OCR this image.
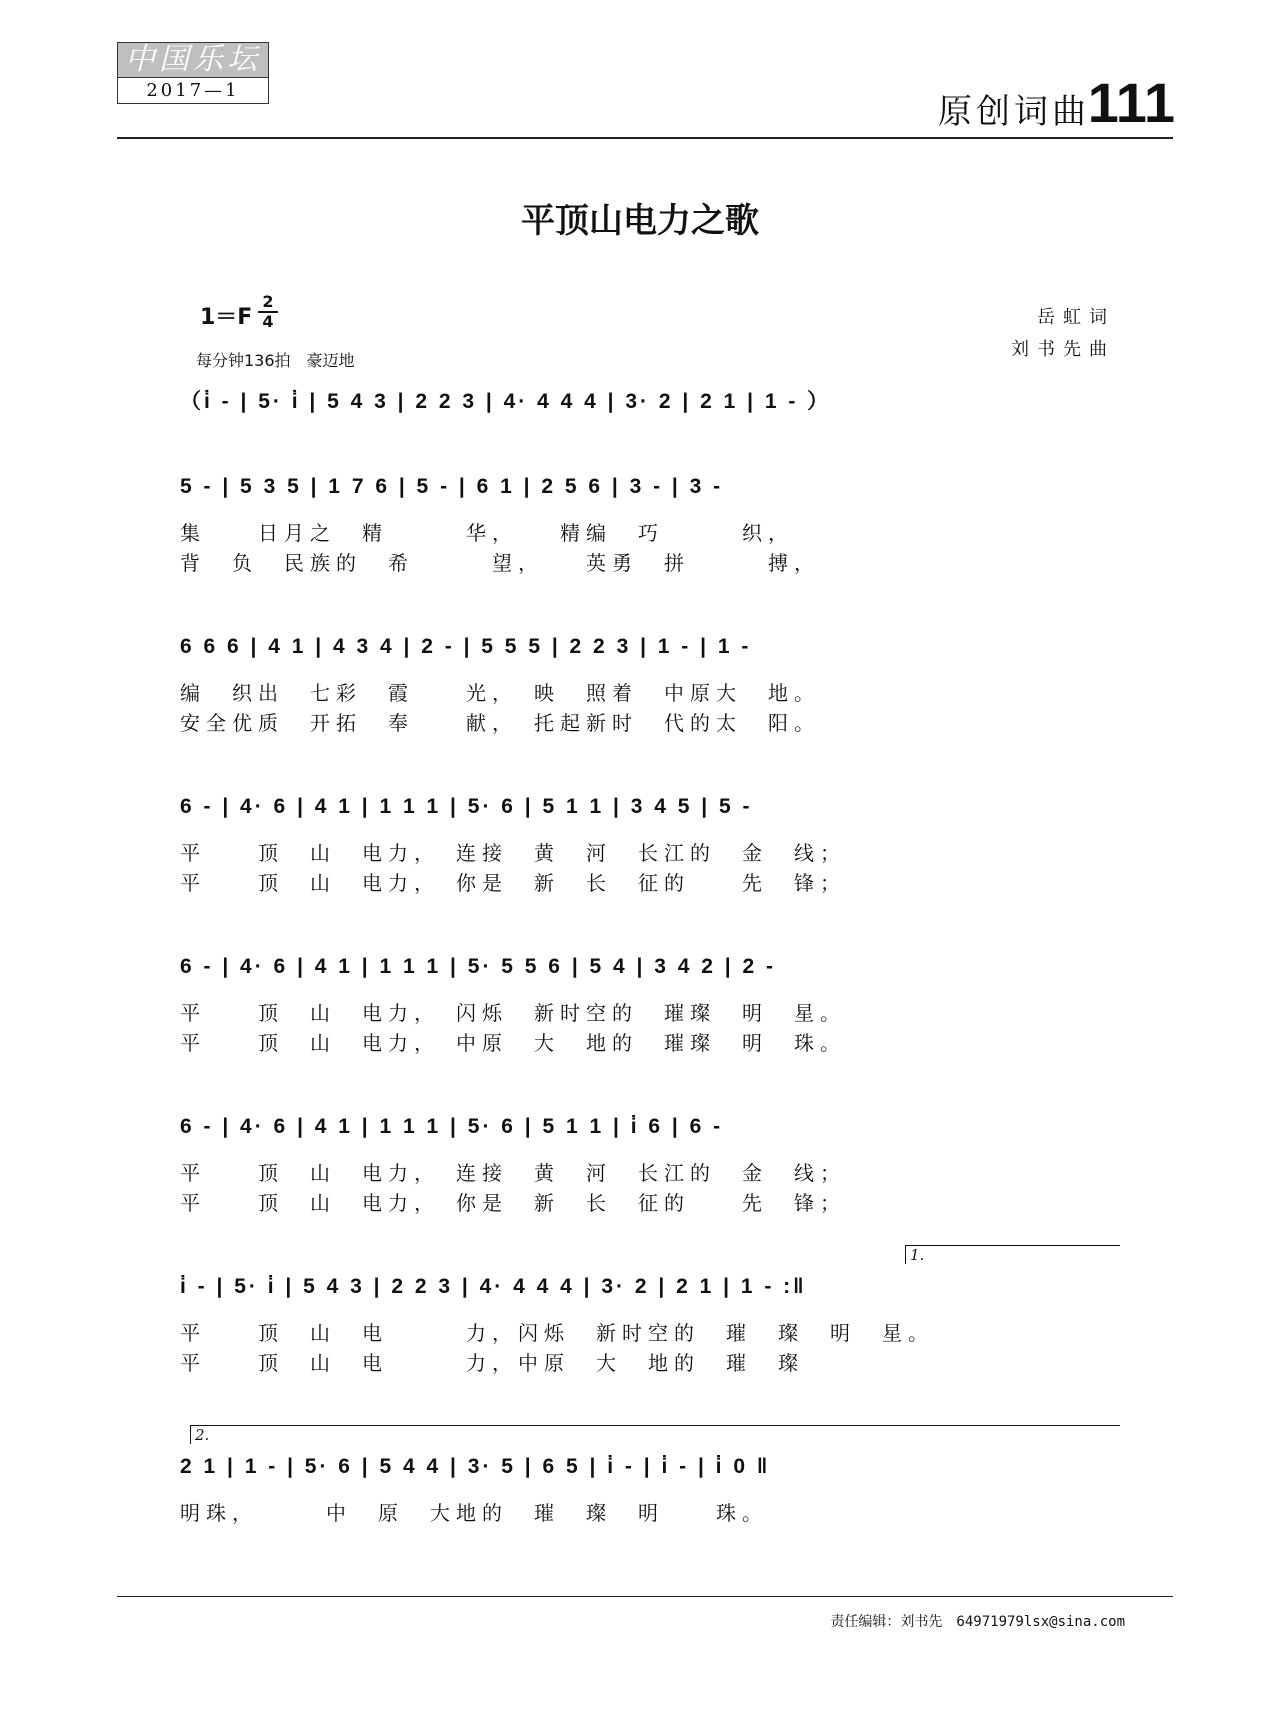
中国乐坛
2017—1
原创词曲
111
平顶山电力之歌
1＝F
2
4
每分钟136拍　豪迈地
岳虹词
刘书先曲
（i̇ - | 5· i̇ | 5 4 3 | 2 2 3 | 4· 4 4 4 | 3· 2 | 2 1 | 1 - ）
5 - | 5 3 5 | 1 7 6 | 5 - | 6 1 | 2 5 6 | 3 - | 3 -
集　　日月之　精　　　华，　　精编　巧　　　织，
背　负　民族的　希　　　望，　　英勇　拼　　　搏，
6 6 6 | 4 1 | 4 3 4 | 2 - | 5 5 5 | 2 2 3 | 1 - | 1 -
编　织出　七彩　霞　　光，　映　照着　中原大　地。
安全优质　开拓　奉　　献，　托起新时　代的太　阳。
6 - | 4· 6 | 4 1 | 1 1 1 | 5· 6 | 5 1 1 | 3 4 5 | 5 -
平　　顶　山　电力，　连接　黄　河　长江的　金　线；
平　　顶　山　电力，　你是　新　长　征的　　先　锋；
6 - | 4· 6 | 4 1 | 1 1 1 | 5· 5 5 6 | 5 4 | 3 4 2 | 2 -
平　　顶　山　电力，　闪烁　新时空的　璀璨　明　星。
平　　顶　山　电力，　中原　大　地的　璀璨　明　珠。
6 - | 4· 6 | 4 1 | 1 1 1 | 5· 6 | 5 1 1 | i̇ 6 | 6 -
平　　顶　山　电力，　连接　黄　河　长江的　金　线；
平　　顶　山　电力，　你是　新　长　征的　　先　锋；
i̇ - | 5· i̇ | 5 4 3 | 2 2 3 | 4· 4 4 4 | 3· 2 | 2 1 | 1 - :‖
1.
平　　顶　山　电　　　力，闪烁　新时空的　璀　璨　明　星。
平　　顶　山　电　　　力，中原　大　地的　璀　璨
2 1 | 1 - | 5· 6 | 5 4 4 | 3· 5 | 6 5 | i̇ - | i̇ - | i̇ 0 ‖
2.
明珠，　　　中　原　大地的　璀　璨　明　　珠。
责任编辑：刘书先　64971979lsx@sina.com
